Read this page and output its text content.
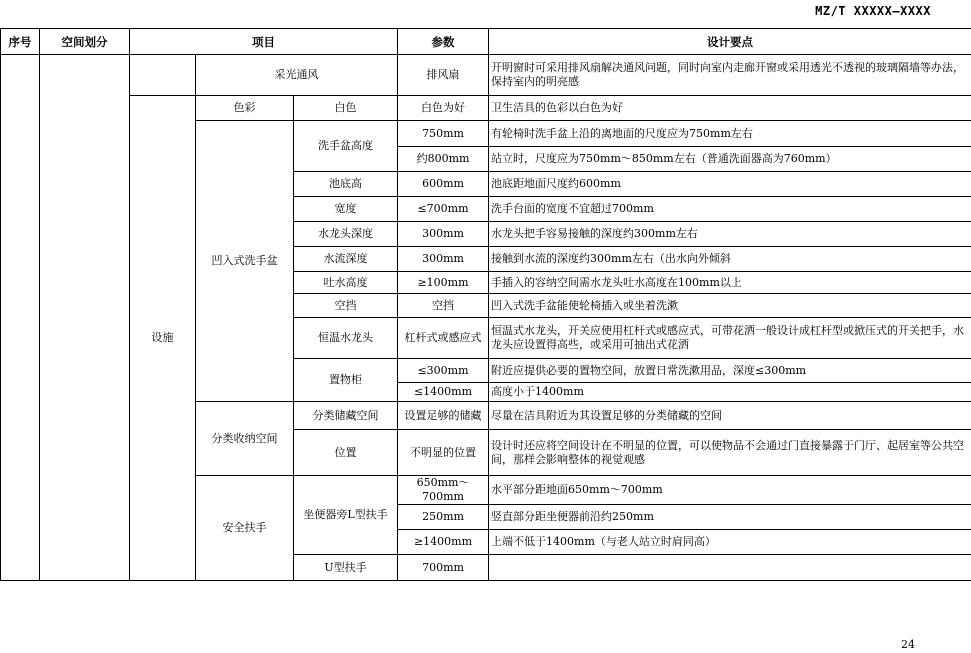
MZ/T XXXXX—XXXX
序号	空间划分	项目			参数	设计要点
			采光通风		排风扇	开明窗时可采用排风扇解决通风问题，同时向室内走廊开窗或采用透光不透视的玻璃隔墙等办法，保持室内的明亮感
		设施	色彩	白色	白色为好	卫生洁具的色彩以白色为好
			凹入式洗手盆	洗手盆高度	750mm	有轮椅时洗手盆上沿的离地面的尺度应为750mm左右
					约800mm	站立时，尺度应为750mm～850mm左右（普通洗面器高为760mm）
				池底高	600mm	池底距地面尺度约600mm
				宽度	≤700mm	洗手台面的宽度不宜超过700mm
				水龙头深度	300mm	水龙头把手容易接触的深度约300mm左右
				水流深度	300mm	接触到水流的深度约300mm左右（出水向外倾斜
				吐水高度	≥100mm	手插入的容纳空间需水龙头吐水高度在100mm以上
				空挡	空挡	凹入式洗手盆能使轮椅插入或坐着洗漱
				恒温水龙头	杠杆式或感应式	恒温式水龙头，开关应使用杠杆式或感应式，可带花洒一般设计成杠杆型或掀压式的开关把手，水龙头应设置得高些，或采用可抽出式花洒
				置物柜	≤300mm	附近应提供必要的置物空间，放置日常洗漱用品，深度≤300mm
					≤1400mm	高度小于1400mm
			分类收纳空间	分类储藏空间	设置足够的储藏	尽量在洁具附近为其设置足够的分类储藏的空间
				位置	不明显的位置	设计时还应将空间设计在不明显的位置，可以使物品不会通过门直接暴露于门厅、起居室等公共空间，那样会影响整体的视觉观感
			安全扶手	坐便器旁L型扶手	650mm～700mm	水平部分距地面650mm～700mm
					250mm	竖直部分距坐便器前沿约250mm
					≥1400mm	上端不低于1400mm（与老人站立时肩同高）
				U型扶手	700mm	
24
